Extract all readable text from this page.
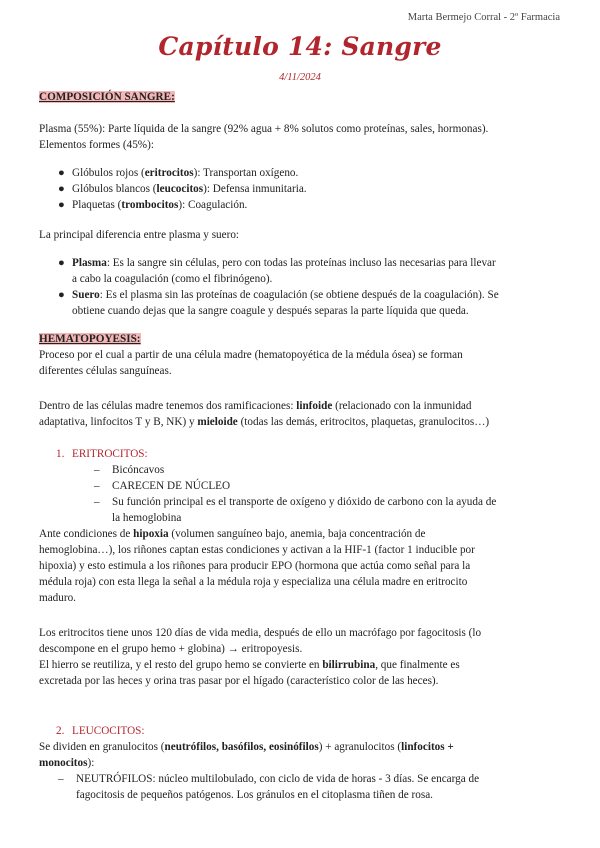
Marta Bermejo Corral - 2º Farmacia
Capítulo 14: Sangre
4/11/2024
COMPOSICIÓN SANGRE:
Plasma (55%): Parte líquida de la sangre (92% agua + 8% solutos como proteínas, sales, hormonas).
Elementos formes (45%):
● Glóbulos rojos (eritrocitos): Transportan oxígeno.
● Glóbulos blancos (leucocitos): Defensa inmunitaria.
● Plaquetas (trombocitos): Coagulación.
La principal diferencia entre plasma y suero:
● Plasma: Es la sangre sin células, pero con todas las proteínas incluso las necesarias para llevar
a cabo la coagulación (como el fibrinógeno).
● Suero: Es el plasma sin las proteínas de coagulación (se obtiene después de la coagulación). Se
obtiene cuando dejas que la sangre coagule y después separas la parte líquida que queda.
HEMATOPOYESIS:
Proceso por el cual a partir de una célula madre (hematopoyética de la médula ósea) se forman
diferentes células sanguíneas.
Dentro de las células madre tenemos dos ramificaciones: linfoide (relacionado con la inmunidad
adaptativa, linfocitos T y B, NK) y mieloide (todas las demás, eritrocitos, plaquetas, granulocitos…)
1. ERITROCITOS:
– Bicóncavos
– CARECEN DE NÚCLEO
– Su función principal es el transporte de oxígeno y dióxido de carbono con la ayuda de
la hemoglobina
Ante condiciones de hipoxia (volumen sanguíneo bajo, anemia, baja concentración de
hemoglobina…), los riñones captan estas condiciones y activan a la HIF-1 (factor 1 inducible por
hipoxia) y esto estimula a los riñones para producir EPO (hormona que actúa como señal para la
médula roja) con esta llega la señal a la médula roja y especializa una célula madre en eritrocito
maduro.
Los eritrocitos tiene unos 120 días de vida media, después de ello un macrófago por fagocitosis (lo
descompone en el grupo hemo + globina) → eritropoyesis.
El hierro se reutiliza, y el resto del grupo hemo se convierte en bilirrubina, que finalmente es
excretada por las heces y orina tras pasar por el hígado (característico color de las heces).
2. LEUCOCITOS:
Se dividen en granulocitos (neutrófilos, basófilos, eosinófilos) + agranulocitos (linfocitos +
monocitos):
– NEUTRÓFILOS: núcleo multilobulado, con ciclo de vida de horas - 3 días. Se encarga de
fagocitosis de pequeños patógenos. Los gránulos en el citoplasma tiñen de rosa.
